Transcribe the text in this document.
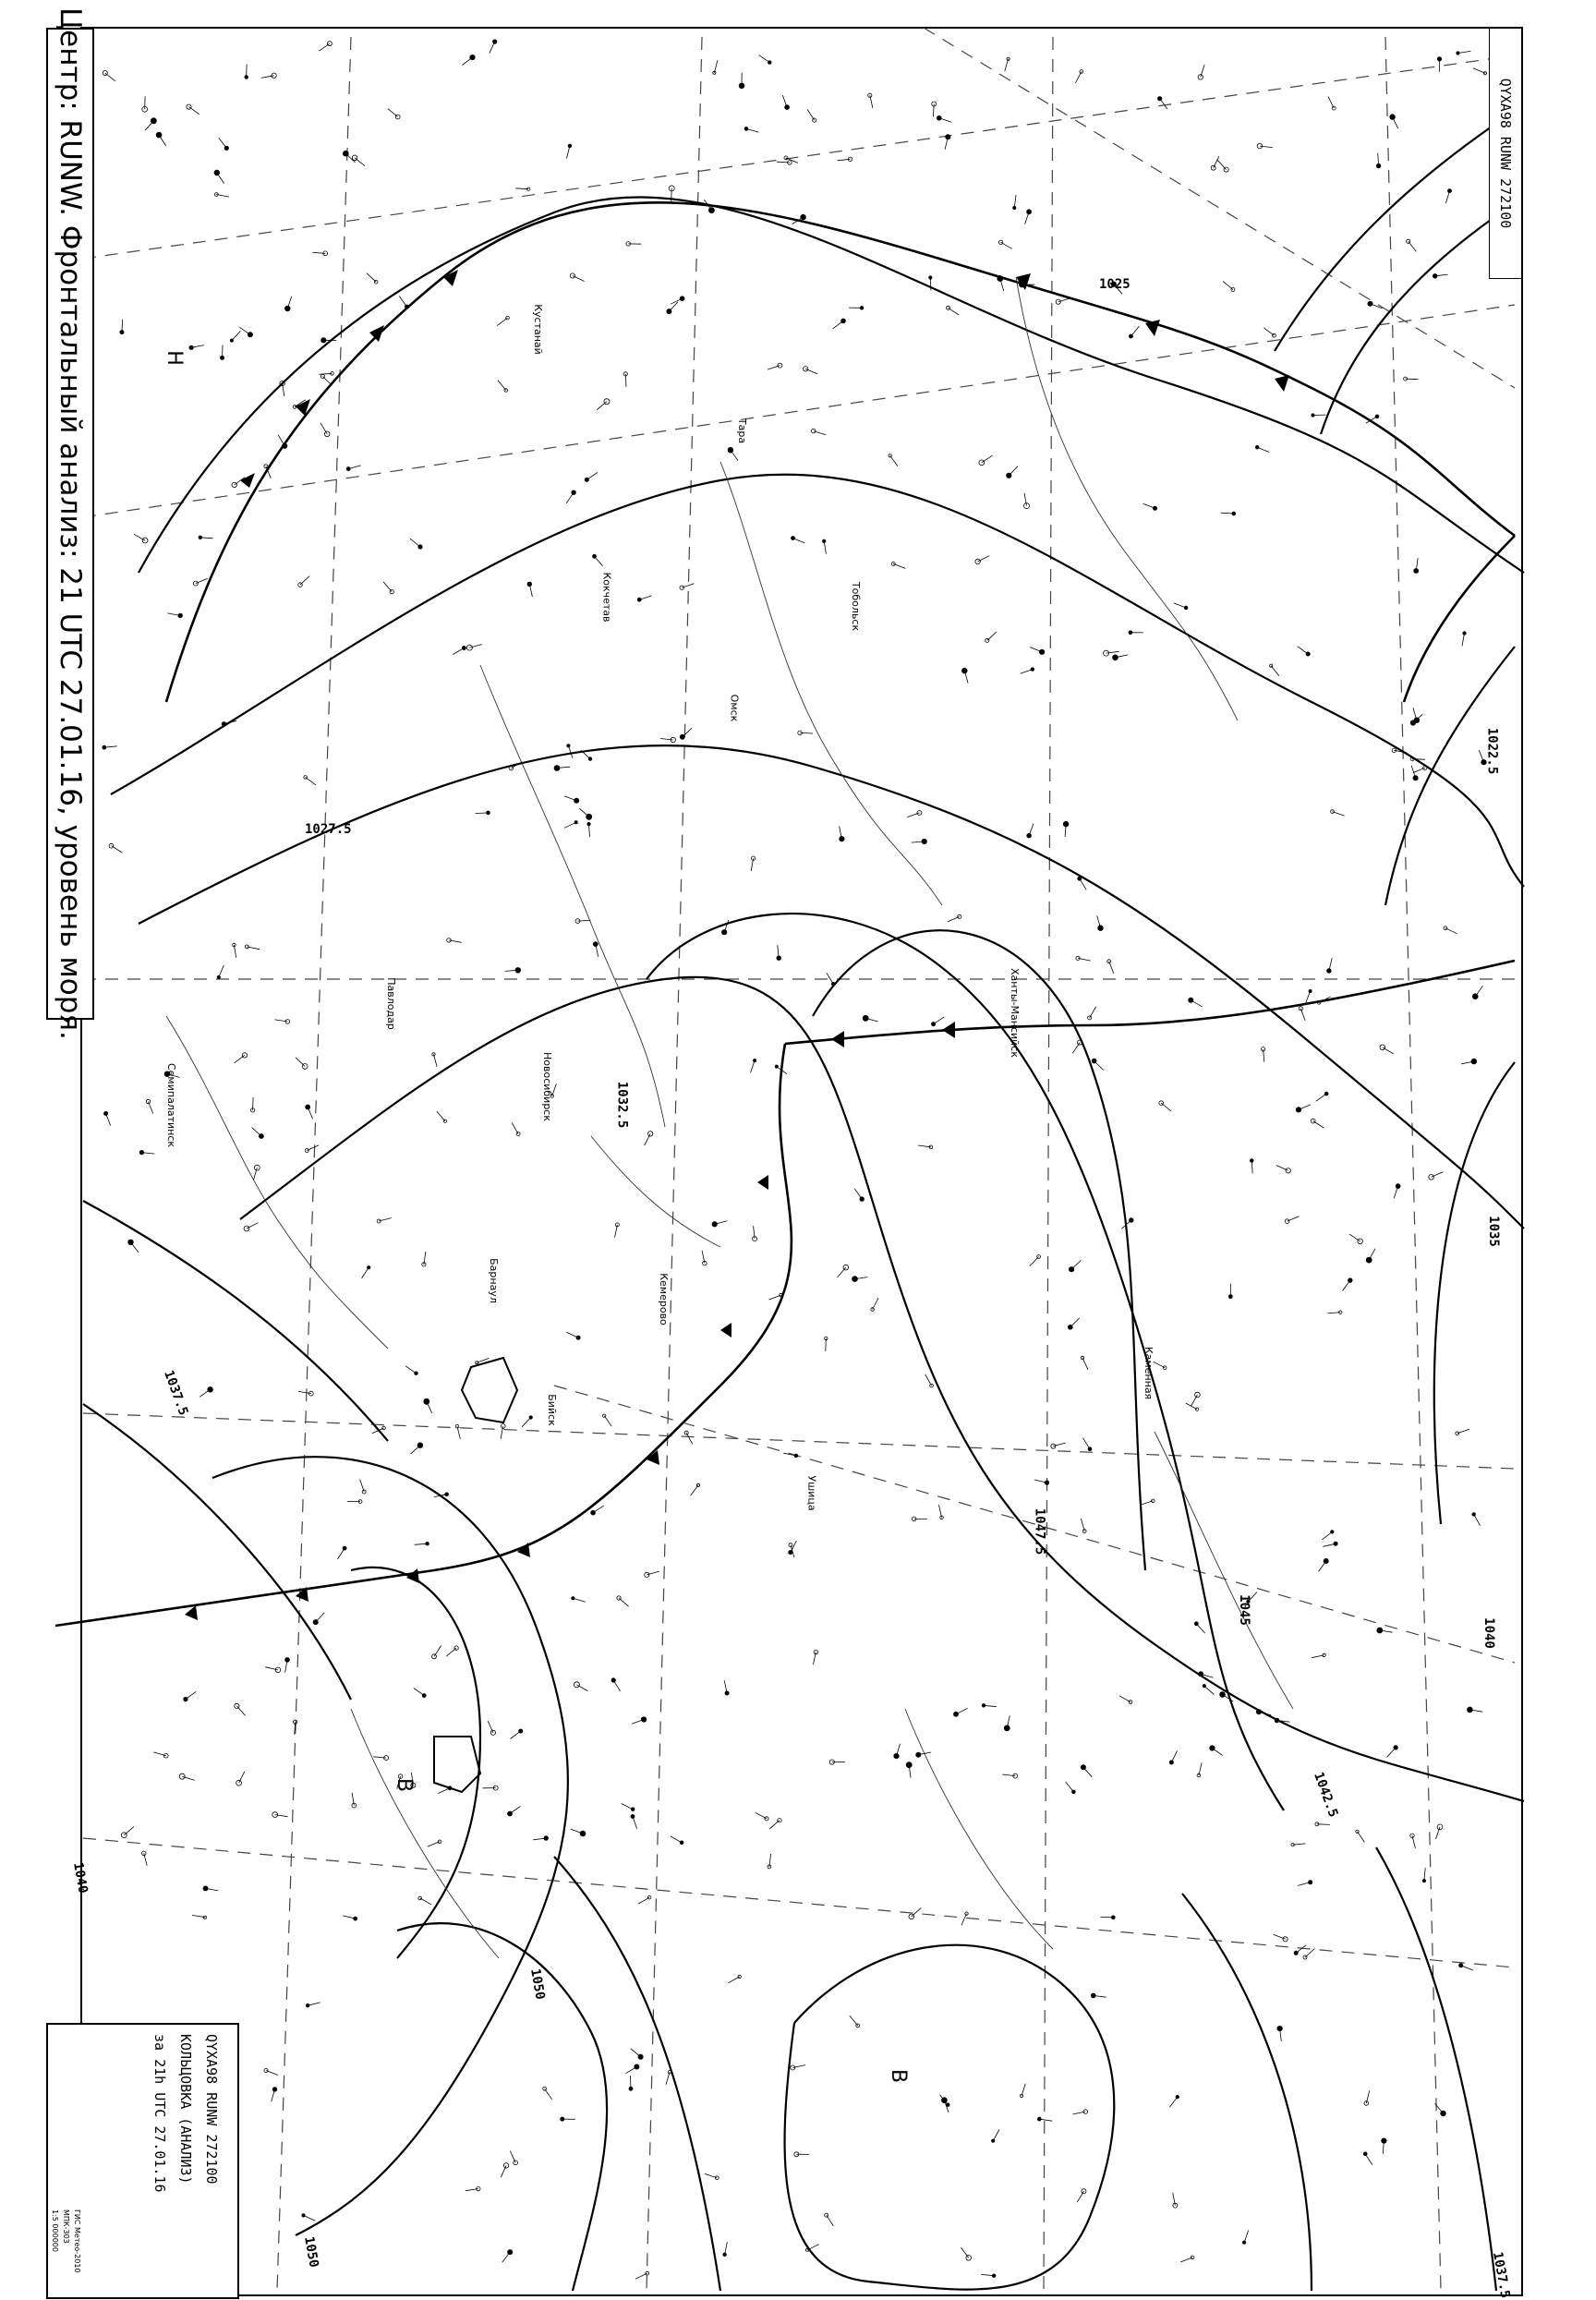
1025
1027.5
1032.5
1035
1037.5
1040
1042.5
1045
1047.5
1050
1022.5
1040
1050	1037.5
Н
В
В
Кустанай
Кокчетав
Павлодар
Семипалатинск
Барнаул	Кемерово
Новосибирск
Омск
Тобольск
Ханты-Мансийск
Каменная
Ушица
Тара
Бийск
Центр: RUNW. Фронтальный анализ: 21 UTC 27.01.16, уровень моря.	QYXA98 RUNW 272100
QYXA98 RUNW 272100
КОЛЬЦОВКА (АНАЛИЗ)
за 21h UTC 27.01.16
ГИС Метео-2010
МПК-303
1:5 000000
